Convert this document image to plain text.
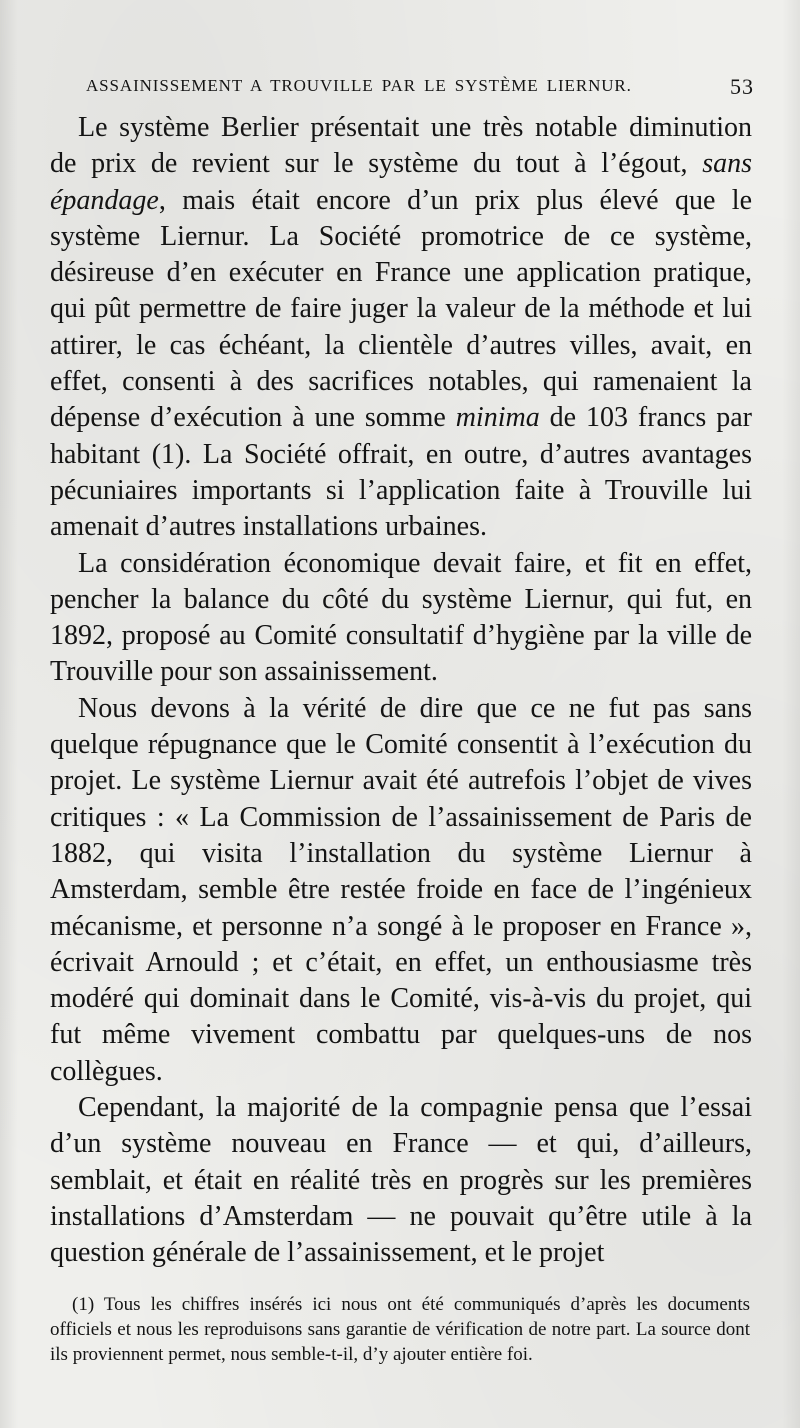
ASSAINISSEMENT A TROUVILLE PAR LE SYSTÈME LIERNUR.	53

Le système Berlier présentait une très notable diminution de prix de revient sur le système du tout à l’égout, sans épandage, mais était encore d’un prix plus élevé que le système Liernur. La Société promotrice de ce système, désireuse d’en exécuter en France une application pratique, qui pût permettre de faire juger la valeur de la méthode et lui attirer, le cas échéant, la clientèle d’autres villes, avait, en effet, consenti à des sacrifices notables, qui ramenaient la dépense d’exécution à une somme minima de 103 francs par habitant (1). La Société offrait, en outre, d’autres avantages pécuniaires importants si l’application faite à Trouville lui amenait d’autres installations urbaines.

La considération économique devait faire, et fit en effet, pencher la balance du côté du système Liernur, qui fut, en 1892, proposé au Comité consultatif d’hygiène par la ville de Trouville pour son assainissement.

Nous devons à la vérité de dire que ce ne fut pas sans quelque répugnance que le Comité consentit à l’exécution du projet. Le système Liernur avait été autrefois l’objet de vives critiques : « La Commission de l’assainissement de Paris de 1882, qui visita l’installation du système Liernur à Amsterdam, semble être restée froide en face de l’ingénieux mécanisme, et personne n’a songé à le proposer en France », écrivait Arnould ; et c’était, en effet, un enthousiasme très modéré qui dominait dans le Comité, vis-à-vis du projet, qui fut même vivement combattu par quelques-uns de nos collègues.

Cependant, la majorité de la compagnie pensa que l’essai d’un système nouveau en France — et qui, d’ailleurs, semblait, et était en réalité très en progrès sur les premières installations d’Amsterdam — ne pouvait qu’être utile à la question générale de l’assainissement, et le projet

(1) Tous les chiffres insérés ici nous ont été communiqués d’après les documents officiels et nous les reproduisons sans garantie de vérification de notre part. La source dont ils proviennent permet, nous semble-t-il, d’y ajouter entière foi.
